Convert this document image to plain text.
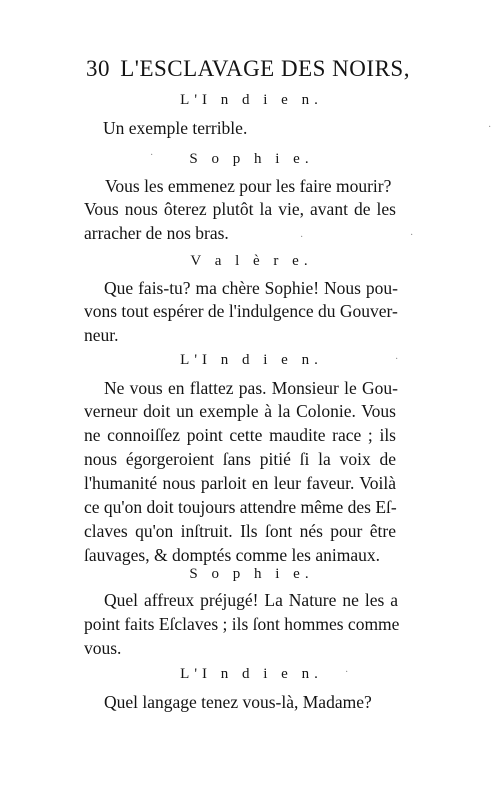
30 L'ESCLAVAGE DES NOIRS,
L'I n d i e n.
Un exemple terrible.
S o p h i e.
Vous les emmenez pour les faire mourir?
Vous nous ôterez plutôt la vie, avant de les
arracher de nos bras.
V a l è r e.
Que fais-tu? ma chère Sophie! Nous pou-
vons tout espérer de l'indulgence du Gouver-
neur.
L'I n d i e n.
Ne vous en flattez pas. Monsieur le Gou-
verneur doit un exemple à la Colonie. Vous
ne connoiſſez point cette maudite race ; ils
nous égorgeroient ſans pitié ſi la voix de
l'humanité nous parloit en leur faveur. Voilà
ce qu'on doit toujours attendre même des Eſ-
claves qu'on inſtruit. Ils ſont nés pour être
ſauvages, & domptés comme les animaux.
S o p h i e.
Quel affreux préjugé! La Nature ne les a
point faits Eſclaves ; ils ſont hommes comme
vous.
L'I n d i e n.
Quel langage tenez vous-là, Madame?
·
·
·	·
·
·
